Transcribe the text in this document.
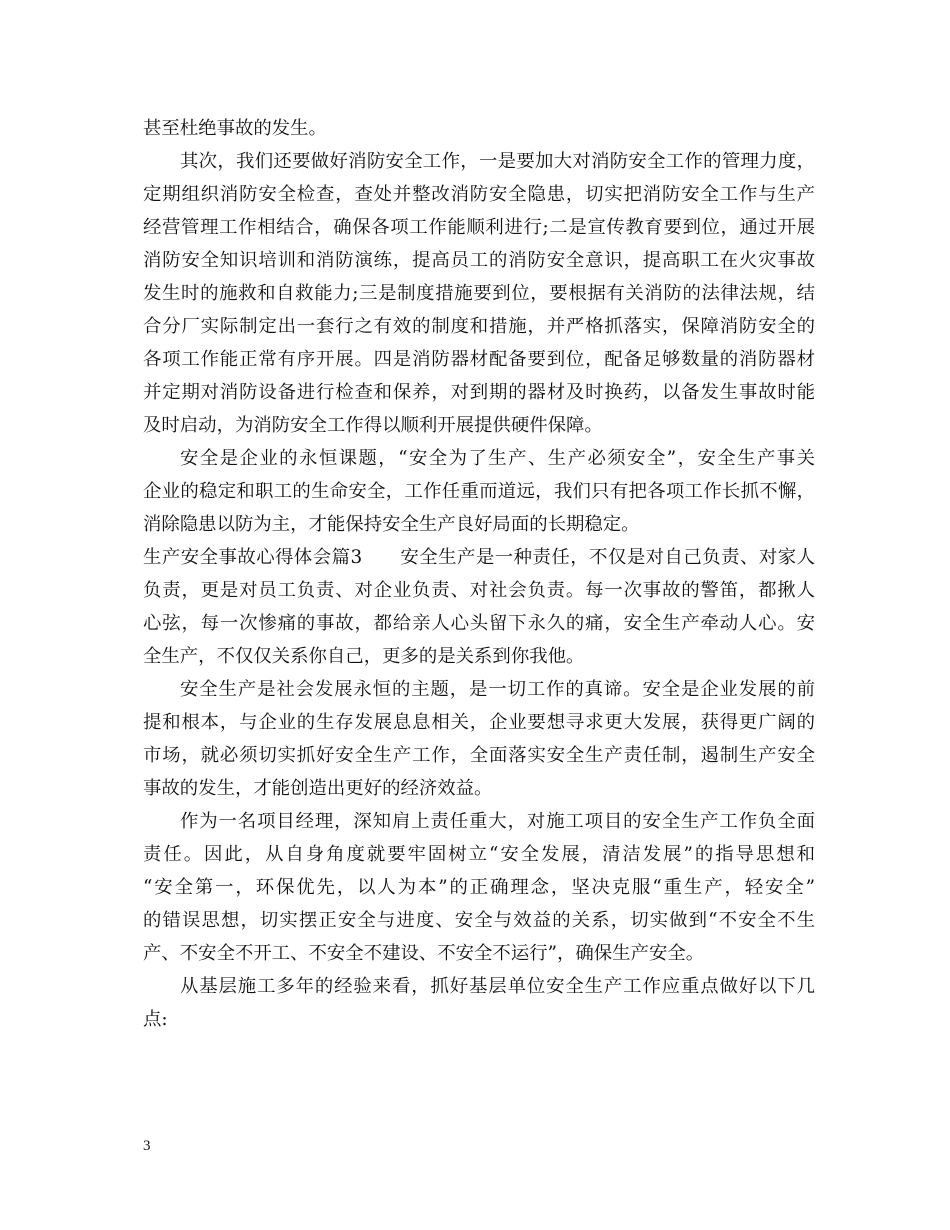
甚至杜绝事故的发生。
其次，我们还要做好消防安全工作，一是要加大对消防安全工作的管理力度，
定期组织消防安全检查，查处并整改消防安全隐患，切实把消防安全工作与生产
经营管理工作相结合，确保各项工作能顺利进行;二是宣传教育要到位，通过开展
消防安全知识培训和消防演练，提高员工的消防安全意识，提高职工在火灾事故
发生时的施救和自救能力;三是制度措施要到位，要根据有关消防的法律法规，结
合分厂实际制定出一套行之有效的制度和措施，并严格抓落实，保障消防安全的
各项工作能正常有序开展。四是消防器材配备要到位，配备足够数量的消防器材
并定期对消防设备进行检查和保养，对到期的器材及时换药，以备发生事故时能
及时启动，为消防安全工作得以顺利开展提供硬件保障。
安全是企业的永恒课题，“安全为了生产、生产必须安全”，安全生产事关
企业的稳定和职工的生命安全，工作任重而道远，我们只有把各项工作长抓不懈，
消除隐患以防为主，才能保持安全生产良好局面的长期稳定。
生产安全事故心得体会篇3　　安全生产是一种责任，不仅是对自己负责、对家人
负责，更是对员工负责、对企业负责、对社会负责。每一次事故的警笛，都揪人
心弦，每一次惨痛的事故，都给亲人心头留下永久的痛，安全生产牵动人心。安
全生产，不仅仅关系你自己，更多的是关系到你我他。
安全生产是社会发展永恒的主题，是一切工作的真谛。安全是企业发展的前
提和根本，与企业的生存发展息息相关，企业要想寻求更大发展，获得更广阔的
市场，就必须切实抓好安全生产工作，全面落实安全生产责任制，遏制生产安全
事故的发生，才能创造出更好的经济效益。
作为一名项目经理，深知肩上责任重大，对施工项目的安全生产工作负全面
责任。因此，从自身角度就要牢固树立“安全发展，清洁发展”的指导思想和
“安全第一，环保优先，以人为本”的正确理念，坚决克服“重生产，轻安全”
的错误思想，切实摆正安全与进度、安全与效益的关系，切实做到“不安全不生
产、不安全不开工、不安全不建设、不安全不运行”，确保生产安全。
从基层施工多年的经验来看，抓好基层单位安全生产工作应重点做好以下几
点:
3
